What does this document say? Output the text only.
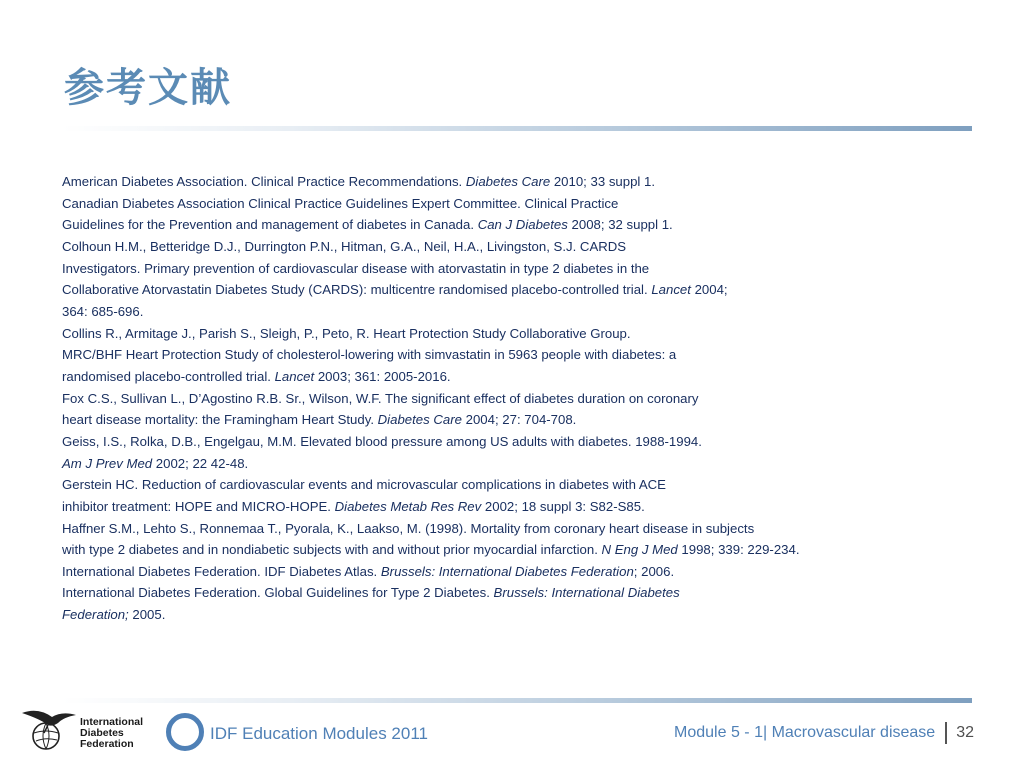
参考文献
American Diabetes Association. Clinical Practice Recommendations. Diabetes Care 2010; 33 suppl 1.
Canadian Diabetes Association Clinical Practice Guidelines Expert Committee. Clinical Practice
Guidelines for the Prevention and management of diabetes in Canada. Can J Diabetes 2008; 32 suppl 1.
Colhoun H.M., Betteridge D.J., Durrington P.N., Hitman, G.A., Neil, H.A., Livingston, S.J. CARDS
Investigators. Primary prevention of cardiovascular disease with atorvastatin in type 2 diabetes in the
Collaborative Atorvastatin Diabetes Study (CARDS): multicentre randomised placebo-controlled trial. Lancet 2004;
364: 685-696.
Collins R., Armitage J., Parish S., Sleigh, P., Peto, R. Heart Protection Study Collaborative Group.
MRC/BHF Heart Protection Study of cholesterol-lowering with simvastatin in 5963 people with diabetes: a
randomised placebo-controlled trial. Lancet 2003; 361: 2005-2016.
Fox C.S., Sullivan L., D’Agostino R.B. Sr., Wilson, W.F. The significant effect of diabetes duration on coronary
heart disease mortality: the Framingham Heart Study. Diabetes Care 2004; 27: 704-708.
Geiss, I.S., Rolka, D.B., Engelgau, M.M. Elevated blood pressure among US adults with diabetes. 1988-1994.
Am J Prev Med 2002; 22 42-48.
Gerstein HC. Reduction of cardiovascular events and microvascular complications in diabetes with ACE
inhibitor treatment: HOPE and MICRO-HOPE. Diabetes Metab Res Rev 2002; 18 suppl 3: S82-S85.
Haffner S.M., Lehto S., Ronnemaa T., Pyorala, K., Laakso, M. (1998). Mortality from coronary heart disease in subjects
with type 2 diabetes and in nondiabetic subjects with and without prior myocardial infarction. N Eng J Med 1998; 339: 229-234.
International Diabetes Federation. IDF Diabetes Atlas. Brussels: International Diabetes Federation; 2006.
International Diabetes Federation. Global Guidelines for Type 2 Diabetes. Brussels: International Diabetes
Federation; 2005.
International
Diabetes
Federation
IDF Education Modules 2011	Module 5 - 1| Macrovascular disease 32
